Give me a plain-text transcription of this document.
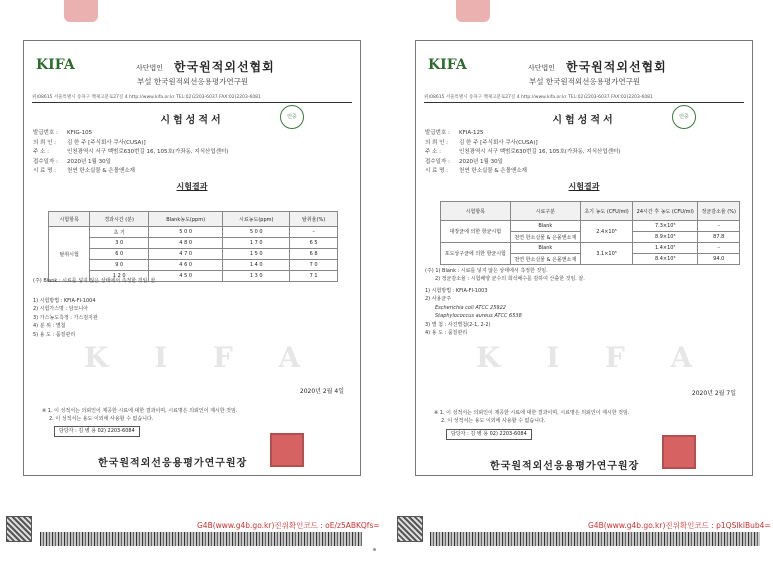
KIFA	사단법인 한국원적외선협회
부설 한국원적외선응용평가연구원
위)08615 서울특별시 송파구 백제고분로27길 4 http://www.kifa.or.kr TEL:02)2203-6037 FAX:02)2203-6081
시험성적서	인증
발급번호 : KFIG-105
의 뢰 인 : 김 한 주 [주식회사 쿠사(CUSA)]
주 소 :	인천광역시 서구 백범로630번길 16, 105호(가좌동, 지식산업센터)
접수일자 : 2020년 1월 30일
시 료 명 : 천연 한소실물 & 은몰앤소재
시험결과
시험항목	경과시간 (분)	Blank농도(ppm)	시료농도(ppm)	탈취율(%)
탈취시험	초 기	5 0 0	5 0 0	–
	3 0	4 8 0	1 7 0	6 5
	6 0	4 7 0	1 5 0	6 8
	9 0	4 6 0	1 4 0	7 0
	1 2 0	4 5 0	1 3 0	7 1
(주) Blank : 시료를 넣지 않은 상태에서 측정한 것임. 끝.
1) 시험방법 : KFIA-FI-1004
2) 시험가스명 : 암모니아
3) 가스농도측정 : 가스검지관
4) 분 위 : 별첨
5) 용 도 : 품질관리
K I F A
2020년 2월 4일
※ 1. 이 성적서는 의뢰인이 제공한 시료에 대한 결과이며, 시료명은 의뢰인이 제시한 것임.
2. 이 성적서는 용도 이외에 사용할 수 없습니다.
담당자 : 김 병 용 02) 2203-6084
한국원적외선응용평가연구원장
KIFA	사단법인 한국원적외선협회
부설 한국원적외선응용평가연구원
위)08615 서울특별시 송파구 백제고분로27길 4 http://www.kifa.or.kr TEL:02)2203-6037 FAX:02)2203-6081
시험성적서	인증
발급번호 : KFIA-125
의 뢰 인 : 김 한 주 [주식회사 쿠사(CUSA)]
주 소 :	인천광역시 서구 백범로630번길 16, 105호(가좌동, 지식산업센터)
접수일자 : 2020년 1월 30일
시 료 명 : 천연 한소실물 & 은몰앤소재
시험결과
시험항목	시료구분	초기 농도 (CFU/ml)	24시간 후 농도 (CFU/ml)	정균감소율 (%)
대장균에 의한 항균시험	Blank	2.4×10⁵	7.3×10⁵	–
	천연 한소실물 & 은몰앤소재		8.9×10³	87.8
포도상구균에 의한 항균시험	Blank	3.1×10⁵	1.4×10⁵	–
	천연 한소실물 & 은몰앤소재		8.4×10³	94.0
(주) 1) Blank : 시료를 넣지 않은 상태에서 측정한 것임.
2) 정균감소율 : 시험배양 균수의 희석배수를 감하여 산출한 것임. 끝.
1) 시험방법 : KFIA-FI-1003
2) 사용균주
Escherichia coli ATCC 25922
Staphylococcus aureus ATCC 6538
3) 별 첨 : 사진별첨(2-1, 2-2)
4) 용 도 : 품질관리
K I F A
2020년 2월 7일
※ 1. 이 성적서는 의뢰인이 제공한 시료에 대한 결과이며, 시료명은 의뢰인이 제시한 것임.
2. 이 성적서는 용도 이외에 사용할 수 없습니다.
담당자 : 김 병 용 02) 2203-6084
한국원적외선응용평가연구원장
G4B(www.g4b.go.kr)진위확인코드 : oE/z5ABKQfs=	G4B(www.g4b.go.kr)진위확인코드 : p1QSIklBub4=
